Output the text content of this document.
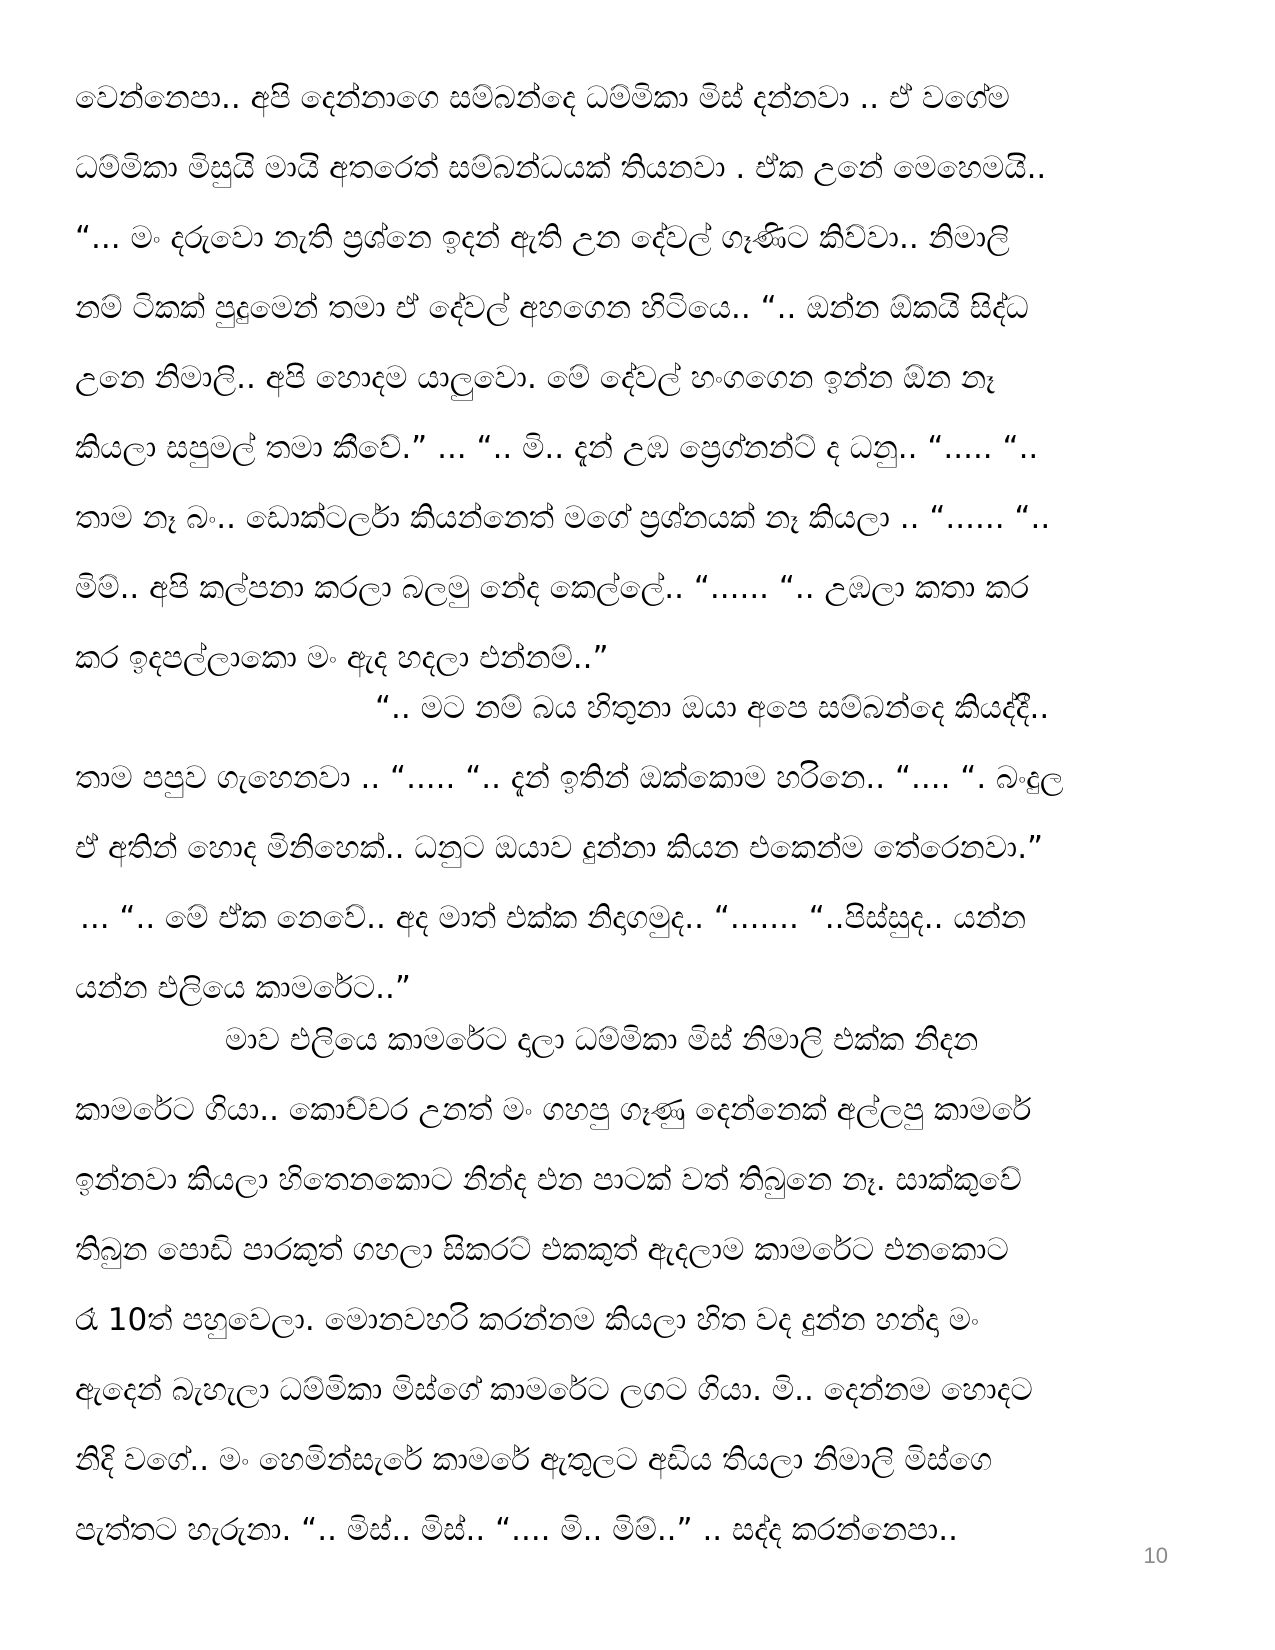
වෙන්නෙපා.. අපි දෙන්නාගෙ සම්බන්දෙ ධම්මිකා මිස් දන්නවා .. ඒ වගේම
ධම්මිකා මිසුයි මායි අතරෙත් සම්බන්ධයක් තියනවා . ඒක උනේ මෙහෙමයි..
“... මං දරුවො නැති ප්‍රශ්නෙ ඉදන් ඇති උන දේවල් ගෑණිට කිව්වා.. නිමාලි
නම් ටිකක් පුදුමෙන් තමා ඒ දේවල් අහගෙන හිටියෙ.. “.. ඔන්න ඕකයි සිද්ධ
උනෙ නිමාලි.. අපි හොදම යාලුවො. මේ දේවල් හංගගෙන ඉන්න ඕන නෑ
කියලා සපුමල් තමා කීවේ.” ... “.. මි.. දැන් උඹ ප්‍රෙග්නන්ට් ද ධනු.. “..... “..
තාම නෑ බං.. ඩොක්ටර්ලා කියන්නෙත් මගේ ප්‍රශ්නයක් නෑ කියලා .. “...... “..
මිම්.. අපි කල්පනා කරලා බලමු නේද කෙල්ලේ.. “...... “.. උඹලා කතා කර
කර ඉදපල්ලාකො මං ඇද හදලා එන්නම්..”
“.. මට නම් බය හිතුනා ඔයා අපෙ සම්බන්දෙ කියද්දී..
තාම පපුව ගැහෙනවා .. “..... “.. දැන් ඉතින් ඔක්කොම හරිනෙ.. “.... “. බංදුල
ඒ අතින් හොද මිනිහෙක්.. ධනුට ඔයාව දුන්නා කියන එකෙන්ම තේරෙනවා.”
... “.. මේ ඒක නෙවේ.. අද මාත් එක්ක නිදාගමුද.. “....... “..පිස්සුද.. යන්න
යන්න එලියෙ කාමරේට..”
මාව එලියෙ කාමරේට දාලා ධම්මිකා මිස් නිමාලි එක්ක නිදන
කාමරේට ගියා.. කොච්චර උනත් මං ගහපු ගෑණු දෙන්නෙක් අල්ලපු කාමරේ
ඉන්නවා කියලා හිතෙනකොට නින්ද එන පාටක් වත් තිබුනෙ නෑ. සාක්කුවේ
තිබුන පොඩි පාරකුත් ගහලා සිකරට් එකකුත් ඇදලාම කාමරේට එනකොට
රෑ 10ත් පහුවෙලා. මොනවහරි කරන්නම කියලා හිත වද දුන්න හන්දා මං
ඇදෙන් බැහැලා ධම්මිකා මිස්ගේ කාමරේට ලගට ගියා. මි.. දෙන්නම හොදට
නිදි වගේ.. මං හෙමින්සැරේ කාමරේ ඇතුලට අඩිය තියලා නිමාලි මිස්ගෙ
පැත්තට හැරුනා. “.. මිස්.. මිස්.. “.... මි.. මිම්..” .. සද්ද කරන්නෙපා..
10
